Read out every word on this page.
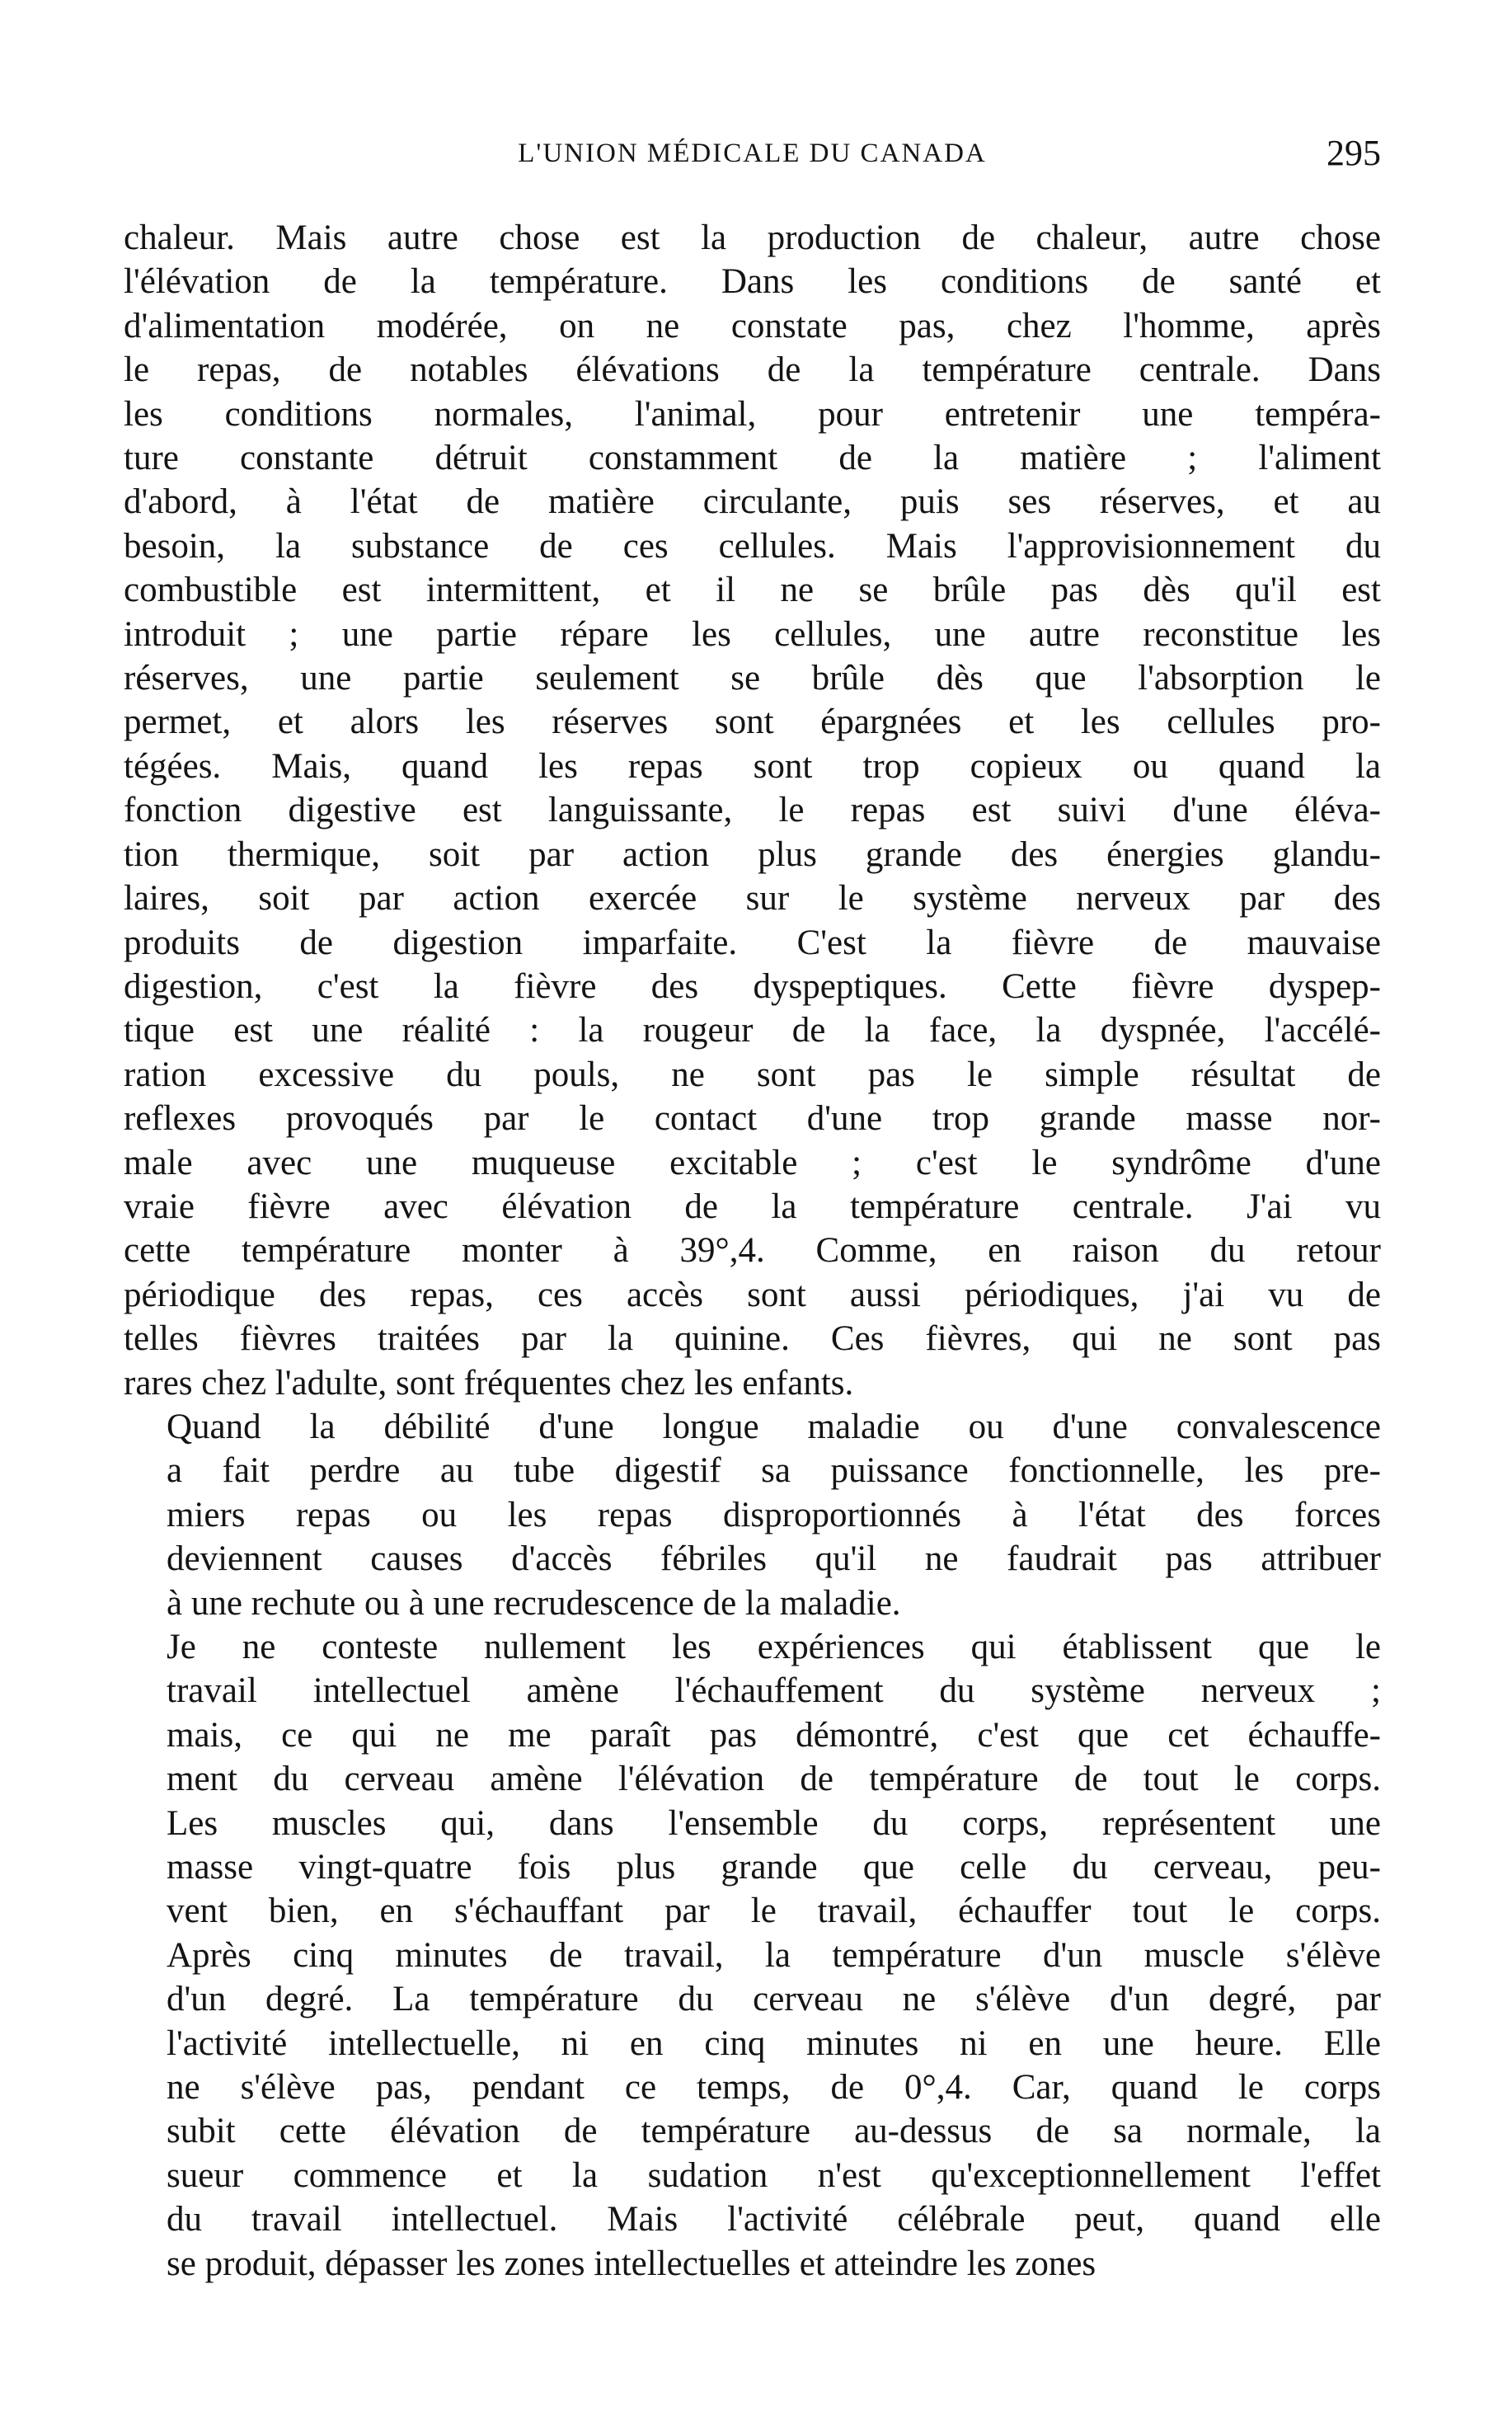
L'UNION MÉDICALE DU CANADA	295

chaleur. Mais autre chose est la production de chaleur, autre chose
l'élévation de la température. Dans les conditions de santé et
d'alimentation modérée, on ne constate pas, chez l'homme, après
le repas, de notables élévations de la température centrale. Dans
les conditions normales, l'animal, pour entretenir une tempéra-
ture constante détruit constamment de la matière ; l'aliment
d'abord, à l'état de matière circulante, puis ses réserves, et au
besoin, la substance de ces cellules. Mais l'approvisionnement du
combustible est intermittent, et il ne se brûle pas dès qu'il est
introduit ; une partie répare les cellules, une autre reconstitue les
réserves, une partie seulement se brûle dès que l'absorption le
permet, et alors les réserves sont épargnées et les cellules pro-
tégées. Mais, quand les repas sont trop copieux ou quand la
fonction digestive est languissante, le repas est suivi d'une éléva-
tion thermique, soit par action plus grande des énergies glandu-
laires, soit par action exercée sur le système nerveux par des
produits de digestion imparfaite. C'est la fièvre de mauvaise
digestion, c'est la fièvre des dyspeptiques. Cette fièvre dyspep-
tique est une réalité : la rougeur de la face, la dyspnée, l'accélé-
ration excessive du pouls, ne sont pas le simple résultat de
reflexes provoqués par le contact d'une trop grande masse nor-
male avec une muqueuse excitable ; c'est le syndrôme d'une
vraie fièvre avec élévation de la température centrale. J'ai vu
cette température monter à 39°,4. Comme, en raison du retour
périodique des repas, ces accès sont aussi périodiques, j'ai vu de
telles fièvres traitées par la quinine. Ces fièvres, qui ne sont pas
rares chez l'adulte, sont fréquentes chez les enfants.

Quand la débilité d'une longue maladie ou d'une convalescence
a fait perdre au tube digestif sa puissance fonctionnelle, les pre-
miers repas ou les repas disproportionnés à l'état des forces
deviennent causes d'accès fébriles qu'il ne faudrait pas attribuer
à une rechute ou à une recrudescence de la maladie.

Je ne conteste nullement les expériences qui établissent que le
travail intellectuel amène l'échauffement du système nerveux ;
mais, ce qui ne me paraît pas démontré, c'est que cet échauffe-
ment du cerveau amène l'élévation de température de tout le corps.
Les muscles qui, dans l'ensemble du corps, représentent une
masse vingt-quatre fois plus grande que celle du cerveau, peu-
vent bien, en s'échauffant par le travail, échauffer tout le corps.
Après cinq minutes de travail, la température d'un muscle s'élève
d'un degré. La température du cerveau ne s'élève d'un degré, par
l'activité intellectuelle, ni en cinq minutes ni en une heure. Elle
ne s'élève pas, pendant ce temps, de 0°,4. Car, quand le corps
subit cette élévation de température au-dessus de sa normale, la
sueur commence et la sudation n'est qu'exceptionnellement l'effet
du travail intellectuel. Mais l'activité célébrale peut, quand elle
se produit, dépasser les zones intellectuelles et atteindre les zones
